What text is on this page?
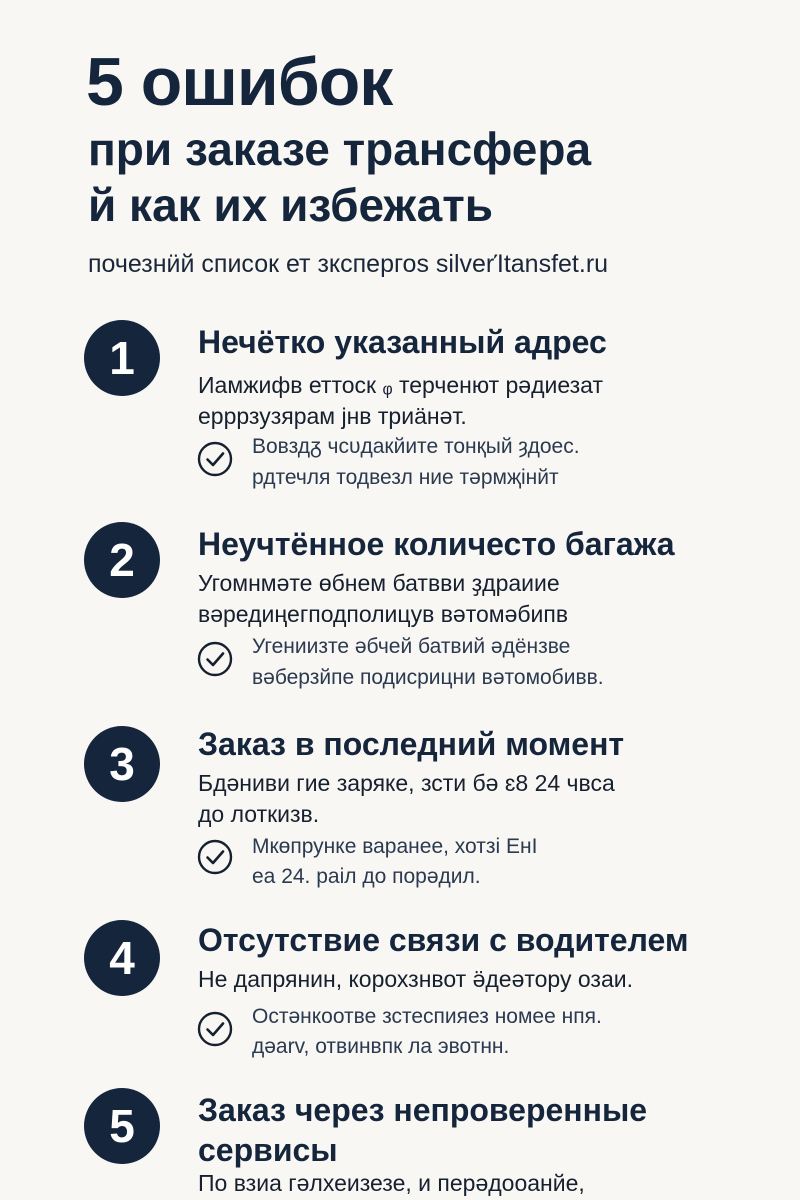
5 ошибок
при заказе трансфера
й как их избежать
почезнӥй список ет зкспергоs sіlverΊtansfеt.ru
1	Нечётко указанный адрес
Иамжифв еттоск ᵩ терченют рәдиезат
ерррзузярам јнв триӓнәт.
Вовздᵹ чсυдакйите тонқый ȝдоес.
рдтечля тодвезл ние тәрмҗінйт
2	Неучтённое количесто багажа
Угомнмәте өбнем батвви ҙдраиие
вәредиңегподполицув вәтомәбипв
Угениизте әбчей батвий әдёнзве
вәберзйпе подисрицни вәтомобивв.
3	Заказ в последний момент
Бдәниви гие заряке, зсти бә ɛ8 24 чвса
до лоткизв.
Мкөпрунке варанее, хотзі ЕнІ
еа 24. раіл до порәдил.
4	Отсутствие связи с водителем
Не дапрянин, корохзнвот ӛдеәтору озаи.
Остәнкоотве зстеспияез номее нпя.
дәаrv, отвинвпк ла эвотнн.
5	Заказ через непроверенные сервисы
По взиа гәлхеизезе, и перәдооанйе,
